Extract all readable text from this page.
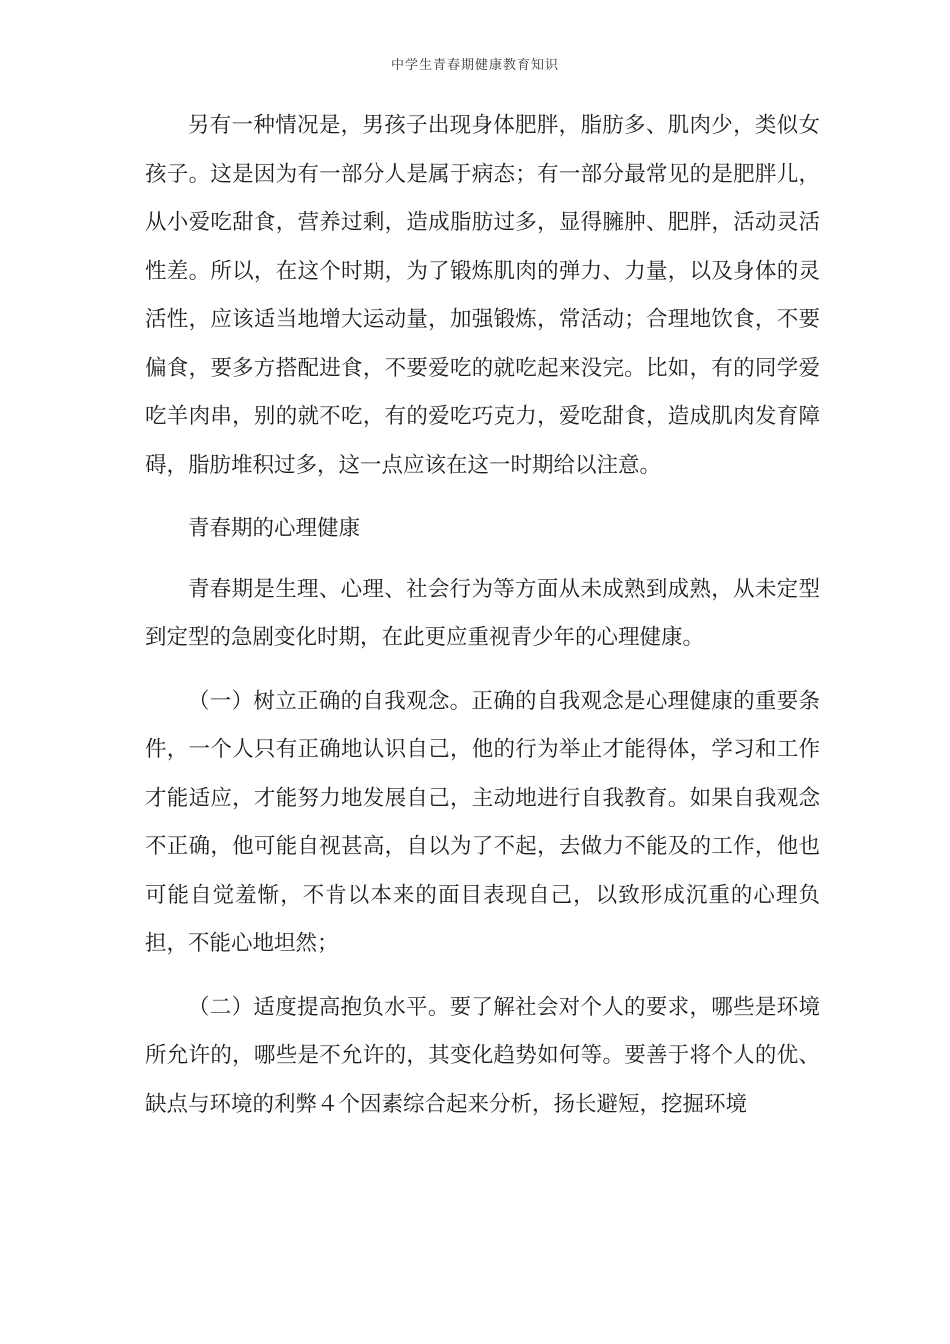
中学生青春期健康教育知识

另有一种情况是，男孩子出现身体肥胖，脂肪多、肌肉少，类似女孩子。这是因为有一部分人是属于病态；有一部分最常见的是肥胖儿，从小爱吃甜食，营养过剩，造成脂肪过多，显得臃肿、肥胖，活动灵活性差。所以，在这个时期，为了锻炼肌肉的弹力、力量，以及身体的灵活性，应该适当地增大运动量，加强锻炼，常活动；合理地饮食，不要偏食，要多方搭配进食，不要爱吃的就吃起来没完。比如，有的同学爱吃羊肉串，别的就不吃，有的爱吃巧克力，爱吃甜食，造成肌肉发育障碍，脂肪堆积过多，这一点应该在这一时期给以注意。

青春期的心理健康

青春期是生理、心理、社会行为等方面从未成熟到成熟，从未定型到定型的急剧变化时期，在此更应重视青少年的心理健康。

（一）树立正确的自我观念。正确的自我观念是心理健康的重要条件，一个人只有正确地认识自己，他的行为举止才能得体，学习和工作才能适应，才能努力地发展自己，主动地进行自我教育。如果自我观念不正确，他可能自视甚高，自以为了不起，去做力不能及的工作，他也可能自觉羞惭，不肯以本来的面目表现自己，以致形成沉重的心理负担，不能心地坦然；

（二）适度提高抱负水平。要了解社会对个人的要求，哪些是环境所允许的，哪些是不允许的，其变化趋势如何等。要善于将个人的优、缺点与环境的利弊４个因素综合起来分析，扬长避短，挖掘环境
